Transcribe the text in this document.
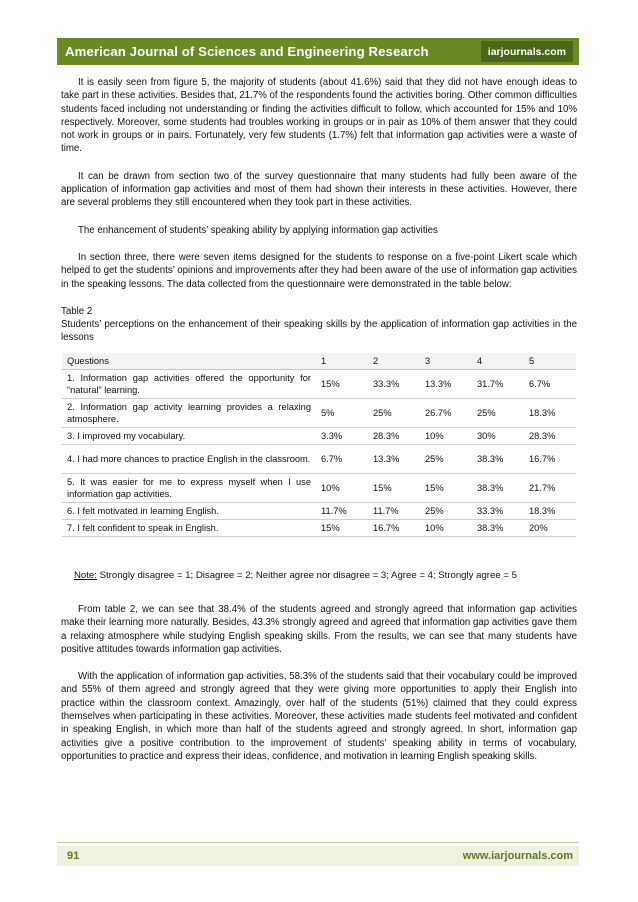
American Journal of Sciences and Engineering Research	iarjournals.com

It is easily seen from figure 5, the majority of students (about 41.6%) said that they did not have enough ideas to take part in these activities. Besides that, 21.7% of the respondents found the activities boring. Other common difficulties students faced including not understanding or finding the activities difficult to follow, which accounted for 15% and 10% respectively. Moreover, some students had troubles working in groups or in pair as 10% of them answer that they could not work in groups or in pairs. Fortunately, very few students (1.7%) felt that information gap activities were a waste of time.

It can be drawn from section two of the survey questionnaire that many students had fully been aware of the application of information gap activities and most of them had shown their interests in these activities. However, there are several problems they still encountered when they took part in these activities.

The enhancement of students’ speaking ability by applying information gap activities

In section three, there were seven items designed for the students to response on a five-point Likert scale which helped to get the students’ opinions and improvements after they had been aware of the use of information gap activities in the speaking lessons. The data collected from the questionnaire were demonstrated in the table below:

Table 2

Students’ perceptions on the enhancement of their speaking skills by the application of information gap activities in the lessons

Questions	1	2	3	4	5
1. Information gap activities offered the opportunity for “natural” learning.	15%	33.3%	13.3%	31.7%	6.7%
2. Information gap activity learning provides a relaxing atmosphere.	5%	25%	26.7%	25%	18.3%
3. I improved my vocabulary.	3.3%	28.3%	10%	30%	28.3%
4. I had more chances to practice English in the classroom.	6.7%	13.3%	25%	38.3%	16.7%
5. It was easier for me to express myself when I use information gap activities.	10%	15%	15%	38.3%	21.7%
6. I felt motivated in learning English.	11.7%	11.7%	25%	33.3%	18.3%
7. I felt confident to speak in English.	15%	16.7%	10%	38.3%	20%
Note: Strongly disagree = 1; Disagree = 2; Neither agree nor disagree = 3; Agree = 4; Strongly agree = 5

From table 2, we can see that 38.4% of the students agreed and strongly agreed that information gap activities make their learning more naturally. Besides, 43.3% strongly agreed and agreed that information gap activities gave them a relaxing atmosphere while studying English speaking skills. From the results, we can see that many students have positive attitudes towards information gap activities.

With the application of information gap activities, 58.3% of the students said that their vocabulary could be improved and 55% of them agreed and strongly agreed that they were giving more opportunities to apply their English into practice within the classroom context. Amazingly, over half of the students (51%) claimed that they could express themselves when participating in these activities. Moreover, these activities made students feel motivated and confident in speaking English, in which more than half of the students agreed and strongly agreed. In short, information gap activities give a positive contribution to the improvement of students’ speaking ability in terms of vocabulary, opportunities to practice and express their ideas, confidence, and motivation in learning English speaking skills.

91	www.iarjournals.com
